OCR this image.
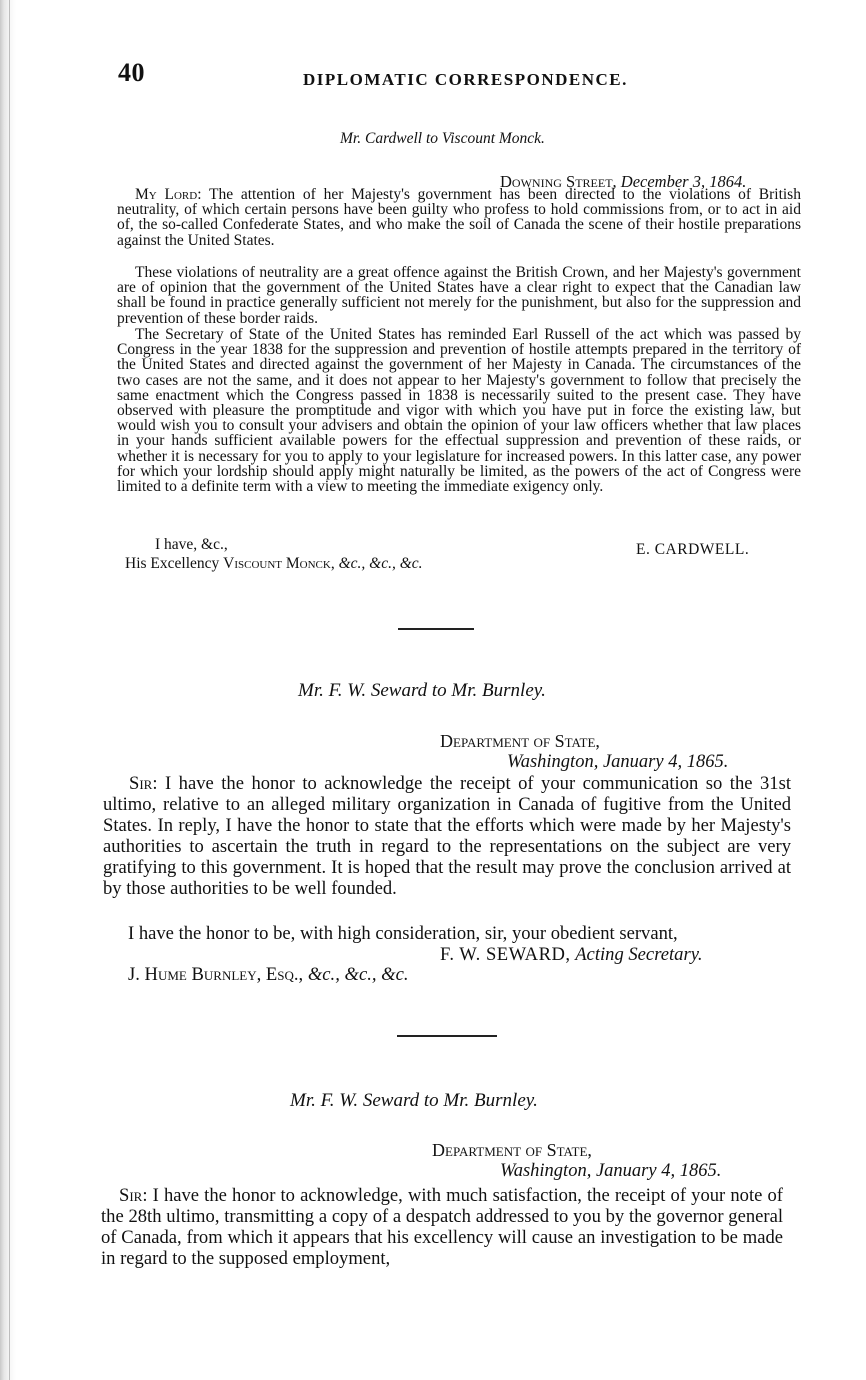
40	DIPLOMATIC CORRESPONDENCE.
Mr. Cardwell to Viscount Monck.
Downing Street, December 3, 1864.
My Lord: The attention of her Majesty's government has been directed to the violations of British neutrality, of which certain persons have been guilty who profess to hold commissions from, or to act in aid of, the so-called Confederate States, and who make the soil of Canada the scene of their hostile preparations against the United States.
These violations of neutrality are a great offence against the British Crown, and her Majesty's government are of opinion that the government of the United States have a clear right to expect that the Canadian law shall be found in practice generally sufficient not merely for the punishment, but also for the suppression and prevention of these border raids.
The Secretary of State of the United States has reminded Earl Russell of the act which was passed by Congress in the year 1838 for the suppression and prevention of hostile attempts prepared in the territory of the United States and directed against the government of her Majesty in Canada. The circumstances of the two cases are not the same, and it does not appear to her Majesty's government to follow that precisely the same enactment which the Congress passed in 1838 is necessarily suited to the present case. They have observed with pleasure the promptitude and vigor with which you have put in force the existing law, but would wish you to consult your advisers and obtain the opinion of your law officers whether that law places in your hands sufficient available powers for the effectual suppression and prevention of these raids, or whether it is necessary for you to apply to your legislature for increased powers. In this latter case, any power for which your lordship should apply might naturally be limited, as the powers of the act of Congress were limited to a definite term with a view to meeting the immediate exigency only.
I have, &c.,	E. CARDWELL.
His Excellency Viscount Monck, &c., &c., &c.
Mr. F. W. Seward to Mr. Burnley.
Department of State,
Washington, January 4, 1865.
Sir: I have the honor to acknowledge the receipt of your communication so the 31st ultimo, relative to an alleged military organization in Canada of fugitive from the United States. In reply, I have the honor to state that the efforts which were made by her Majesty's authorities to ascertain the truth in regard to the representations on the subject are very gratifying to this government. It is hoped that the result may prove the conclusion arrived at by those authorities to be well founded.
I have the honor to be, with high consideration, sir, your obedient servant,
F. W. SEWARD, Acting Secretary.
J. Hume Burnley, Esq., &c., &c., &c.
Mr. F. W. Seward to Mr. Burnley.
Department of State,
Washington, January 4, 1865.
Sir: I have the honor to acknowledge, with much satisfaction, the receipt of your note of the 28th ultimo, transmitting a copy of a despatch addressed to you by the governor general of Canada, from which it appears that his excellency will cause an investigation to be made in regard to the supposed employment,
